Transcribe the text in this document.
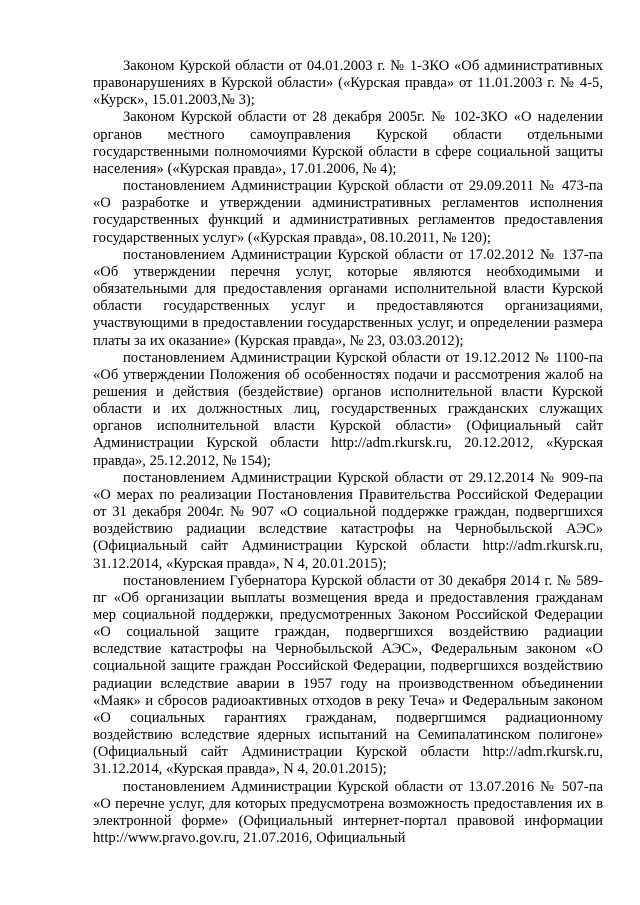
Законом Курской области от 04.01.2003 г. № 1-ЗКО «Об административных правонарушениях в Курской области» («Курская правда» от 11.01.2003 г. № 4-5, «Курск», 15.01.2003,№ 3);

Законом Курской области от 28 декабря 2005г. № 102-ЗКО «О наделении органов местного самоуправления Курской области отдельными государственными полномочиями Курской области в сфере социальной защиты населения» («Курская правда», 17.01.2006, № 4);

постановлением Администрации Курской области от 29.09.2011 № 473-па «О разработке и утверждении административных регламентов исполнения государственных функций и административных регламентов предоставления государственных услуг» («Курская правда», 08.10.2011, № 120);

постановлением Администрации Курской области от 17.02.2012 № 137-па «Об утверждении перечня услуг, которые являются необходимыми и обязательными для предоставления органами исполнительной власти Курской области государственных услуг и предоставляются организациями, участвующими в предоставлении государственных услуг, и определении размера платы за их оказание» (Курская правда», № 23, 03.03.2012);

постановлением Администрации Курской области от 19.12.2012 № 1100-па «Об утверждении Положения об особенностях подачи и рассмотрения жалоб на решения и действия (бездействие) органов исполнительной власти Курской области и их должностных лиц, государственных гражданских служащих органов исполнительной власти Курской области» (Официальный сайт Администрации Курской области http://adm.rkursk.ru, 20.12.2012, «Курская правда», 25.12.2012, № 154);

постановлением Администрации Курской области от 29.12.2014 № 909-па «О мерах по реализации Постановления Правительства Российской Федерации от 31 декабря 2004г. № 907 «О социальной поддержке граждан, подвергшихся воздействию радиации вследствие катастрофы на Чернобыльской АЭС» (Официальный сайт Администрации Курской области http://adm.rkursk.ru, 31.12.2014, «Курская правда», N 4, 20.01.2015);

постановлением Губернатора Курской области от 30 декабря 2014 г. № 589-пг «Об организации выплаты возмещения вреда и предоставления гражданам мер социальной поддержки, предусмотренных Законом Российской Федерации «О социальной защите граждан, подвергшихся воздействию радиации вследствие катастрофы на Чернобыльской АЭС», Федеральным законом «О социальной защите граждан Российской Федерации, подвергшихся воздействию радиации вследствие аварии в 1957 году на производственном объединении «Маяк» и сбросов радиоактивных отходов в реку Теча» и Федеральным законом «О социальных гарантиях гражданам, подвергшимся радиационному воздействию вследствие ядерных испытаний на Семипалатинском полигоне» (Официальный сайт Администрации Курской области http://adm.rkursk.ru, 31.12.2014, «Курская правда», N 4, 20.01.2015);

постановлением Администрации Курской области от 13.07.2016 № 507-па «О перечне услуг, для которых предусмотрена возможность предоставления их в электронной форме» (Официальный интернет-портал правовой информации http://www.pravo.gov.ru, 21.07.2016, Официальный
